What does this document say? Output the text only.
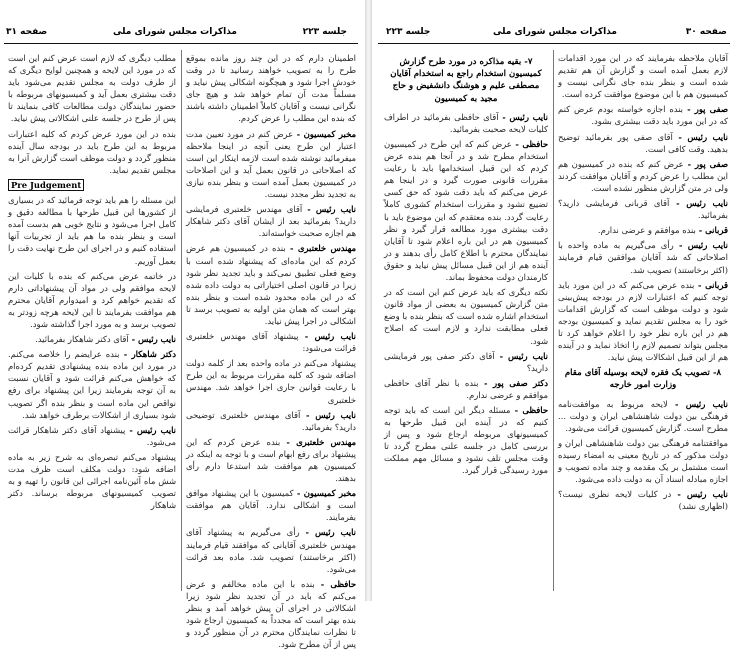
جلسه ۲۲۳
مذاکرات مجلس شورای ملی
صفحه ۳۱

اطمینان دارم که در این چند روز مانده بموقع طرح را به تصویب خواهند رسانید تا در وقت خودش اجرا شود و هیچگونه اشکالی پیش نیاید و مسلماً مدت آن تمام خواهد شد و هیچ جای نگرانی نیست و آقایان کاملاً اطمینان داشته باشند که بنده این مطلب را عرض کردم.

مخبر کمیسیون - عرض کنم در مورد تعیین مدت اعتبار این طرح یعنی آنچه در اینجا ملاحظه میفرمائید نوشته شده است لازمه اینکار این است که اصلاحاتی در قانون بعمل آید و این اصلاحات در کمیسیون بعمل آمده است و بنظر بنده نیازی به تجدید نظر مجدد نیست.

نایب رئیس - آقای مهندس خلعتبری فرمایشی دارید؟ بفرمائید بعد از ایشان آقای دکتر شاهکار هم اجازه صحبت خواسته‌اند.

مهندس خلعتبری - بنده در کمیسیون هم عرض کردم که این ماده‌ای که پیشنهاد شده است با وضع فعلی تطبیق نمی‌کند و باید تجدید نظر شود زیرا در قانون اصلی اختیاراتی به دولت داده شده که در این ماده محدود شده است و بنظر بنده بهتر است که همان متن اولیه به تصویب برسد تا اشکالی در اجرا پیش نیاید.

نایب رئیس - پیشنهاد آقای مهندس خلعتبری قرائت می‌شود:

پیشنهاد می‌کنم در ماده واحده بعد از کلمه دولت اضافه شود که کلیه مقررات مربوط به این طرح با رعایت قوانین جاری اجرا خواهد شد. مهندس خلعتبری

نایب رئیس - آقای مهندس خلعتبری توضیحی دارید؟ بفرمائید.

مهندس خلعتبری - بنده عرض کردم که این پیشنهاد برای رفع ابهام است و با توجه به اینکه در کمیسیون هم موافقت شد استدعا دارم رأی بدهند.

مخبر کمیسیون - کمیسیون با این پیشنهاد موافق است و اشکالی ندارد. آقایان هم موافقت بفرمایند.

نایب رئیس - رأی می‌گیریم به پیشنهاد آقای مهندس خلعتبری آقایانی که موافقند قیام فرمایند (اکثر برخاستند) تصویب شد. ماده بعد قرائت می‌شود.

حافظی - بنده با این ماده مخالفم و عرض می‌کنم که باید در آن تجدید نظر شود زیرا اشکالاتی در اجرای آن پیش خواهد آمد و بنظر بنده بهتر است که مجدداً به کمیسیون ارجاع شود تا نظرات نمایندگان محترم در آن منظور گردد و پس از آن مطرح شود.

مطلب دیگری که لازم است عرض کنم این است که در مورد این لایحه و همچنین لوایح دیگری که از طرف دولت به مجلس تقدیم می‌شود باید دقت بیشتری بعمل آید و کمیسیونهای مربوطه با حضور نمایندگان دولت مطالعات کافی بنمایند تا پس از طرح در جلسه علنی اشکالاتی پیش نیاید.

بنده در این مورد عرض کردم که کلیه اعتبارات مربوط به این طرح باید در بودجه سال آینده منظور گردد و دولت موظف است گزارش آنرا به مجلس تقدیم نماید.

Pre Judgement

این مسئله را هم باید توجه فرمائید که در بسیاری از کشورها این قبیل طرحها با مطالعه دقیق و کامل اجرا می‌شود و نتایج خوبی هم بدست آمده است و بنظر بنده ما هم باید از تجربیات آنها استفاده کنیم و در اجرای این طرح نهایت دقت را بعمل آوریم.

در خاتمه عرض می‌کنم که بنده با کلیات این لایحه موافقم ولی در مواد آن پیشنهاداتی دارم که تقدیم خواهم کرد و امیدوارم آقایان محترم هم موافقت بفرمایند تا این لایحه هرچه زودتر به تصویب برسد و به مورد اجرا گذاشته شود.

نایب رئیس - آقای دکتر شاهکار بفرمائید.

دکتر شاهکار - بنده عرایضم را خلاصه می‌کنم. در مورد این ماده بنده پیشنهادی تقدیم کرده‌ام که خواهش می‌کنم قرائت شود و آقایان نسبت به آن توجه بفرمایند زیرا این پیشنهاد برای رفع نواقص این ماده است و بنظر بنده اگر تصویب شود بسیاری از اشکالات برطرف خواهد شد.

نایب رئیس - پیشنهاد آقای دکتر شاهکار قرائت می‌شود.

پیشنهاد می‌کنم تبصره‌ای به شرح زیر به ماده اضافه شود: دولت مکلف است ظرف مدت شش ماه آئین‌نامه اجرائی این قانون را تهیه و به تصویب کمیسیونهای مربوطه برساند. دکتر شاهکار

صفحه ۳۰
مذاکرات مجلس شورای ملی
جلسه ۲۲۳

آقایان ملاحظه بفرمایند که در این مورد اقدامات لازم بعمل آمده است و گزارش آن هم تقدیم شده است و بنظر بنده جای نگرانی نیست و کمیسیون هم با این موضوع موافقت کرده است.

صفی پور - بنده اجازه خواسته بودم عرض کنم که در این مورد باید دقت بیشتری بشود.

نایب رئیس - آقای صفی پور بفرمائید توضیح بدهید. وقت کافی است.

صفی پور - عرض کنم که بنده در کمیسیون هم این مطلب را عرض کردم و آقایان موافقت کردند ولی در متن گزارش منظور نشده است.

نایب رئیس - آقای قربانی فرمایشی دارید؟ بفرمائید.

قربانی - بنده موافقم و عرضی ندارم.

نایب رئیس - رأی می‌گیریم به ماده واحده با اصلاحاتی که شد آقایان موافقین قیام فرمایند (اکثر برخاستند) تصویب شد.

قربانی - بنده عرض می‌کنم که در این مورد باید توجه کنیم که اعتبارات لازم در بودجه پیش‌بینی شود و دولت موظف است که گزارش اقدامات خود را به مجلس تقدیم نماید و کمیسیون بودجه هم در این باره نظر خود را اعلام خواهد کرد تا مجلس بتواند تصمیم لازم را اتخاذ نماید و در آینده هم از این قبیل اشکالات پیش نیاید.

۸- تصویب یک فقره لایحه بوسیله آقای مقام وزارت امور خارجه

نایب رئیس - لایحه مربوط به موافقت‌نامه فرهنگی بین دولت شاهنشاهی ایران و دولت ... مطرح است. گزارش کمیسیون قرائت می‌شود.

موافقتنامه فرهنگی بین دولت شاهنشاهی ایران و دولت مذکور که در تاریخ معینی به امضاء رسیده است مشتمل بر یک مقدمه و چند ماده تصویب و اجازه مبادله اسناد آن به دولت داده می‌شود.

نایب رئیس - در کلیات لایحه نظری نیست؟ (اظهاری نشد)

۷- بقیه مذاکره در مورد طرح گزارش کمیسیون استخدام راجع به استخدام آقایان مصطفی علیم و هوشنگ دانشفیض و حاج مجید به کمیسیون

نایب رئیس - آقای حافظی بفرمائید در اطراف کلیات لایحه صحبت بفرمائید.

حافظی - عرض کنم که این طرح در کمیسیون استخدام مطرح شد و در آنجا هم بنده عرض کردم که این قبیل استخدامها باید با رعایت مقررات قانونی صورت گیرد و در اینجا هم عرض می‌کنم که باید دقت شود که حق کسی تضییع نشود و مقررات استخدام کشوری کاملاً رعایت گردد. بنده معتقدم که این موضوع باید با دقت بیشتری مورد مطالعه قرار گیرد و نظر کمیسیون هم در این باره اعلام شود تا آقایان نمایندگان محترم با اطلاع کامل رأی بدهند و در آینده هم از این قبیل مسائل پیش نیاید و حقوق کارمندان دولت محفوظ بماند.

نکته دیگری که باید عرض کنم این است که در متن گزارش کمیسیون به بعضی از مواد قانون استخدام اشاره شده است که بنظر بنده با وضع فعلی مطابقت ندارد و لازم است که اصلاح شود.

نایب رئیس - آقای دکتر صفی پور فرمایشی دارید؟

دکتر صفی پور - بنده با نظر آقای حافظی موافقم و عرضی ندارم.

حافظی - مسئله دیگر این است که باید توجه کنیم که در آینده این قبیل طرحها به کمیسیونهای مربوطه ارجاع شود و پس از بررسی کامل در جلسه علنی مطرح گردد تا وقت مجلس تلف نشود و مسائل مهم مملکت مورد رسیدگی قرار گیرد.
